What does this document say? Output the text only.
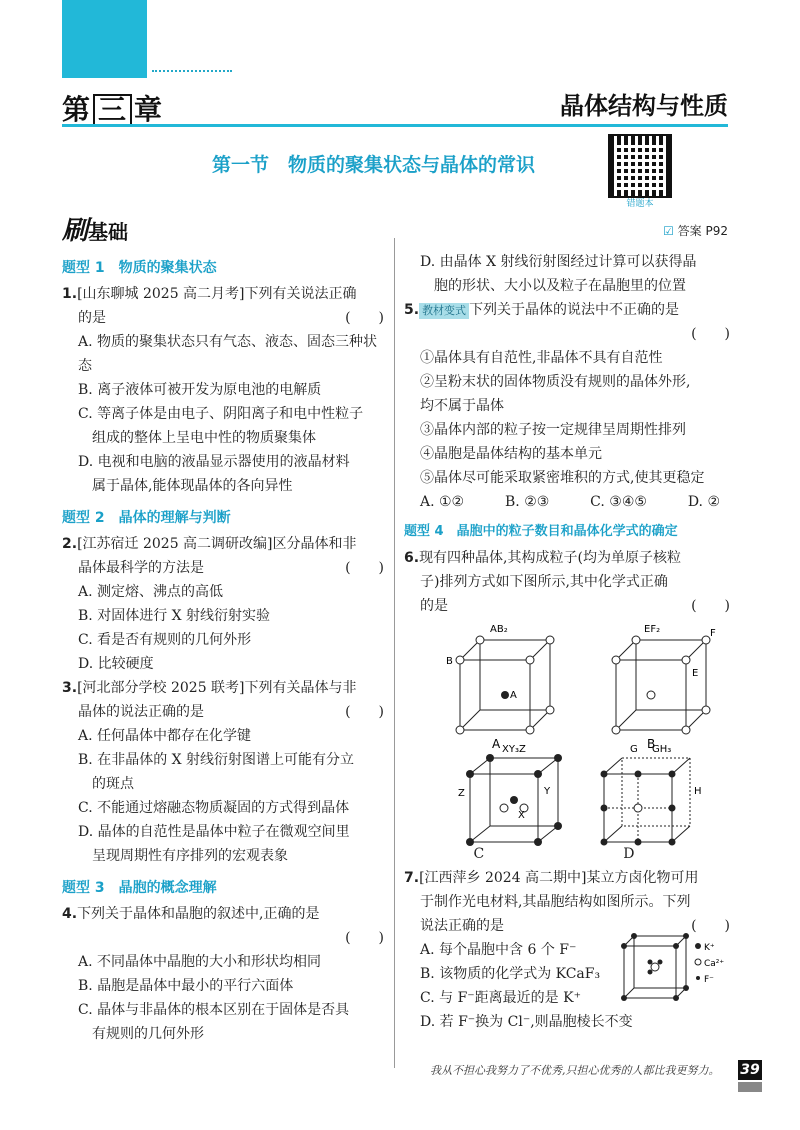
第 三 章	晶体结构与性质
第一节　物质的聚集状态与晶体的常识
错题本
刷基础	☑ 答案 P92

题型 1　物质的聚集状态

1.[山东聊城 2025 高二月考]下列有关说法正确

的是	(　　)

A. 物质的聚集状态只有气态、液态、固态三种状态

B. 离子液体可被开发为原电池的电解质

C. 等离子体是由电子、阴阳离子和电中性粒子

组成的整体上呈电中性的物质聚集体

D. 电视和电脑的液晶显示器使用的液晶材料

属于晶体,能体现晶体的各向异性

题型 2　晶体的理解与判断

2.[江苏宿迁 2025 高二调研改编]区分晶体和非

晶体最科学的方法是	(　　)

A. 测定熔、沸点的高低

B. 对固体进行 X 射线衍射实验

C. 看是否有规则的几何外形

D. 比较硬度

3.[河北部分学校 2025 联考]下列有关晶体与非

晶体的说法正确的是	(　　)

A. 任何晶体中都存在化学键

B. 在非晶体的 X 射线衍射图谱上可能有分立

的斑点

C. 不能通过熔融态物质凝固的方式得到晶体

D. 晶体的自范性是晶体中粒子在微观空间里

呈现周期性有序排列的宏观表象

题型 3　晶胞的概念理解

4.下列关于晶体和晶胞的叙述中,正确的是

(　　)

A. 不同晶体中晶胞的大小和形状均相同

B. 晶胞是晶体中最小的平行六面体

C. 晶体与非晶体的根本区别在于固体是否具

有规则的几何外形

D. 由晶体 X 射线衍射图经过计算可以获得晶

胞的形状、大小以及粒子在晶胞里的位置

5. 教材变式 下列关于晶体的说法中不正确的是

(　　)

①晶体具有自范性,非晶体不具有自范性

②呈粉末状的固体物质没有规则的晶体外形,

均不属于晶体

③晶体内部的粒子按一定规律呈周期性排列

④晶胞是晶体结构的基本单元

⑤晶体尽可能采取紧密堆积的方式,使其更稳定

A. ①②	B. ②③	C. ③④⑤	D. ②

题型 4　晶胞中的粒子数目和晶体化学式的确定

6.现有四种晶体,其构成粒子(均为单原子核粒

子)排列方式如下图所示,其中化学式正确

的是	(　　)

AB₂
B
A
A
EF₂	F
E
B
XY₃Z
Z	Y
X
G GH₃
H
C	D

7.[江西萍乡 2024 高二期中]某立方卤化物可用

于制作光电材料,其晶胞结构如图所示。下列

说法正确的是	(　　)

A. 每个晶胞中含 6 个 F⁻

B. 该物质的化学式为 KCaF₃

C. 与 F⁻距离最近的是 K⁺

D. 若 F⁻换为 Cl⁻,则晶胞棱长不变

K⁺
Ca²⁺
F⁻
我从不担心我努力了不优秀,只担心优秀的人都比我更努力。 39
